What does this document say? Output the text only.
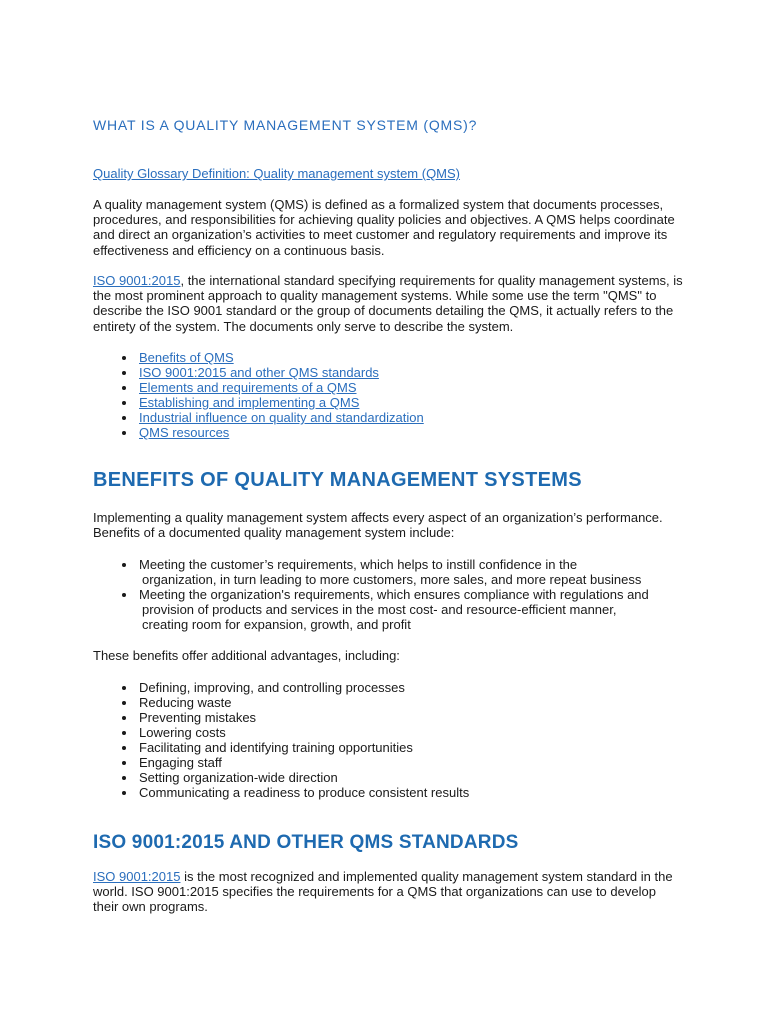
WHAT IS A QUALITY MANAGEMENT SYSTEM (QMS)?

Quality Glossary Definition: Quality management system (QMS)

A quality management system (QMS) is defined as a formalized system that documents processes, procedures, and responsibilities for achieving quality policies and objectives. A QMS helps coordinate and direct an organization’s activities to meet customer and regulatory requirements and improve its effectiveness and efficiency on a continuous basis.

ISO 9001:2015, the international standard specifying requirements for quality management systems, is the most prominent approach to quality management systems. While some use the term "QMS" to describe the ISO 9001 standard or the group of documents detailing the QMS, it actually refers to the entirety of the system. The documents only serve to describe the system.

Benefits of QMS
ISO 9001:2015 and other QMS standards
Elements and requirements of a QMS
Establishing and implementing a QMS
Industrial influence on quality and standardization
QMS resources
BENEFITS OF QUALITY MANAGEMENT SYSTEMS

Implementing a quality management system affects every aspect of an organization’s performance. Benefits of a documented quality management system include:

Meeting the customer’s requirements, which helps to instill confidence in the
organization, in turn leading to more customers, more sales, and more repeat business
Meeting the organization's requirements, which ensures compliance with regulations and
provision of products and services in the most cost- and resource-efficient manner,
creating room for expansion, growth, and profit

These benefits offer additional advantages, including:

Defining, improving, and controlling processes
Reducing waste
Preventing mistakes
Lowering costs
Facilitating and identifying training opportunities
Engaging staff
Setting organization-wide direction
Communicating a readiness to produce consistent results
ISO 9001:2015 AND OTHER QMS STANDARDS

ISO 9001:2015 is the most recognized and implemented quality management system standard in the world. ISO 9001:2015 specifies the requirements for a QMS that organizations can use to develop their own programs.
